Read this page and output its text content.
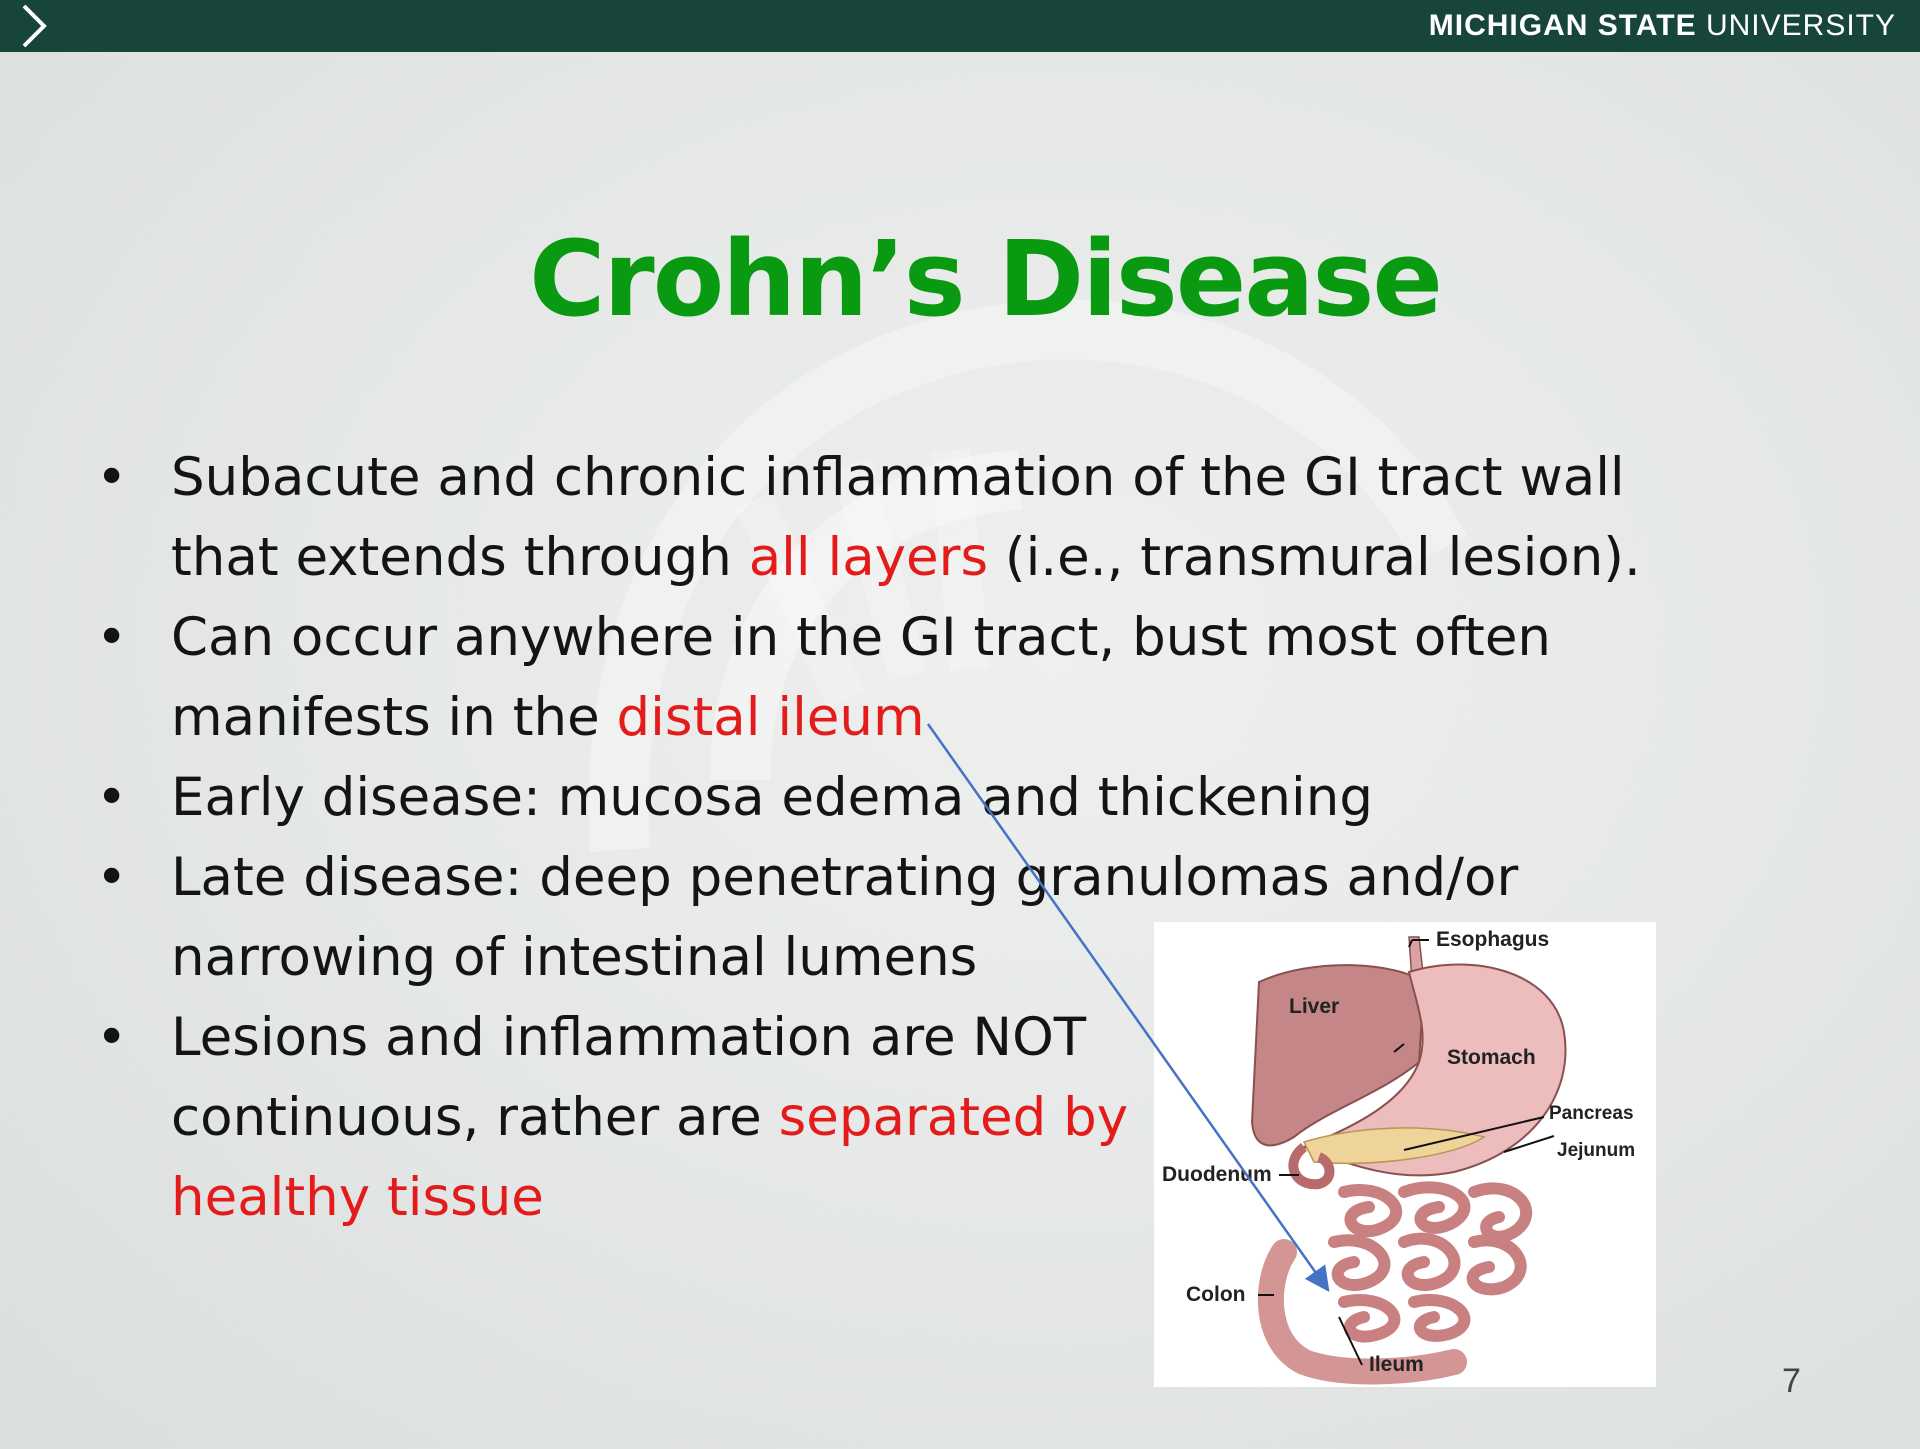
MICHIGAN STATE UNIVERSITY
Crohn’s Disease
• Subacute and chronic inflammation of the GI tract wall
that extends through all layers (i.e., transmural lesion).
• Can occur anywhere in the GI tract, bust most often
manifests in the distal ileum
• Early disease: mucosa edema and thickening
• Late disease: deep penetrating granulomas and/or
narrowing of intestinal lumens
• Lesions and inflammation are NOT
continuous, rather are separated by
healthy tissue
Esophagus
Liver
Stomach
Pancreas
Jejunum
Duodenum
Colon
Ileum	7
